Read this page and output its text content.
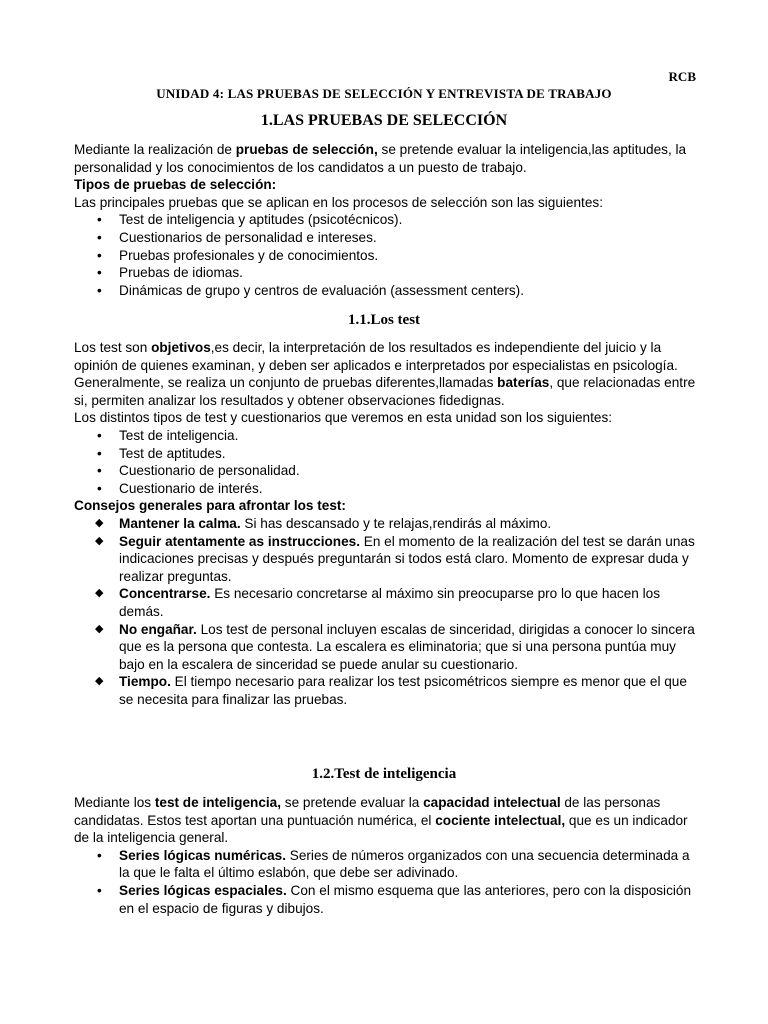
RCB
UNIDAD 4: LAS PRUEBAS DE SELECCIÓN Y ENTREVISTA DE TRABAJO
1.LAS PRUEBAS DE SELECCIÓN

Mediante la realización de pruebas de selección, se pretende evaluar la inteligencia,las aptitudes, la personalidad y los conocimientos de los candidatos a un puesto de trabajo.

Tipos de pruebas de selección:

Las principales pruebas que se aplican en los procesos de selección son las siguientes:

• Test de inteligencia y aptitudes (psicotécnicos).
• Cuestionarios de personalidad e intereses.
• Pruebas profesionales y de conocimientos.
• Pruebas de idiomas.
• Dinámicas de grupo y centros de evaluación (assessment centers).
1.1.Los test

Los test son objetivos,es decir, la interpretación de los resultados es independiente del juicio y la opinión de quienes examinan, y deben ser aplicados e interpretados por especialistas en psicología.

Generalmente, se realiza un conjunto de pruebas diferentes,llamadas baterías, que relacionadas entre si, permiten analizar los resultados y obtener observaciones fidedignas.

Los distintos tipos de test y cuestionarios que veremos en esta unidad son los siguientes:

• Test de inteligencia.
• Test de aptitudes.
• Cuestionario de personalidad.
• Cuestionario de interés.

Consejos generales para afrontar los test:

◆ Mantener la calma. Si has descansado y te relajas,rendirás al máximo.
◆ Seguir atentamente as instrucciones. En el momento de la realización del test se darán unas indicaciones precisas y después preguntarán si todos está claro. Momento de expresar duda y realizar preguntas.
◆ Concentrarse. Es necesario concretarse al máximo sin preocuparse pro lo que hacen los demás.
◆ No engañar. Los test de personal incluyen escalas de sinceridad, dirigidas a conocer lo sincera que es la persona que contesta. La escalera es eliminatoria; que si una persona puntúa muy bajo en la escalera de sinceridad se puede anular su cuestionario.
◆ Tiempo. El tiempo necesario para realizar los test psicométricos siempre es menor que el que se necesita para finalizar las pruebas.
1.2.Test de inteligencia

Mediante los test de inteligencia, se pretende evaluar la capacidad intelectual de las personas candidatas. Estos test aportan una puntuación numérica, el cociente intelectual, que es un indicador de la inteligencia general.

• Series lógicas numéricas. Series de números organizados con una secuencia determinada a la que le falta el último eslabón, que debe ser adivinado.
• Series lógicas espaciales. Con el mismo esquema que las anteriores, pero con la disposición en el espacio de figuras y dibujos.
